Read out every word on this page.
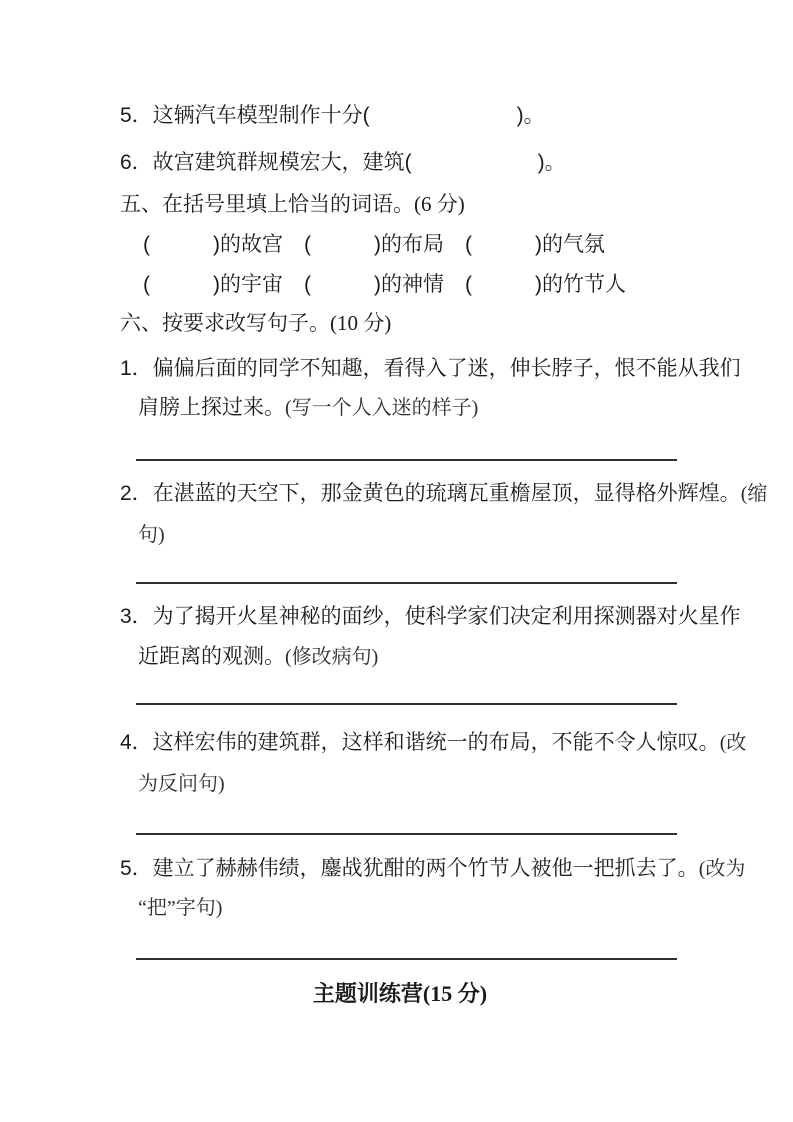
5．这辆汽车模型制作十分(　　　　　　　)。
6．故宫建筑群规模宏大，建筑(　　　　　　)。
五、在括号里填上恰当的词语。(6 分)
(　　　)的故宫　(　　　)的布局　(　　　)的气氛
(　　　)的宇宙　(　　　)的神情　(　　　)的竹节人
六、按要求改写句子。(10 分)
1．偏偏后面的同学不知趣，看得入了迷，伸长脖子，恨不能从我们
肩膀上探过来。(写一个人入迷的样子)
2．在湛蓝的天空下，那金黄色的琉璃瓦重檐屋顶，显得格外辉煌。(缩
句)
3．为了揭开火星神秘的面纱，使科学家们决定利用探测器对火星作
近距离的观测。(修改病句)
4．这样宏伟的建筑群，这样和谐统一的布局，不能不令人惊叹。(改
为反问句)
5．建立了赫赫伟绩，鏖战犹酣的两个竹节人被他一把抓去了。(改为
“把”字句)
主题训练营(15 分)
